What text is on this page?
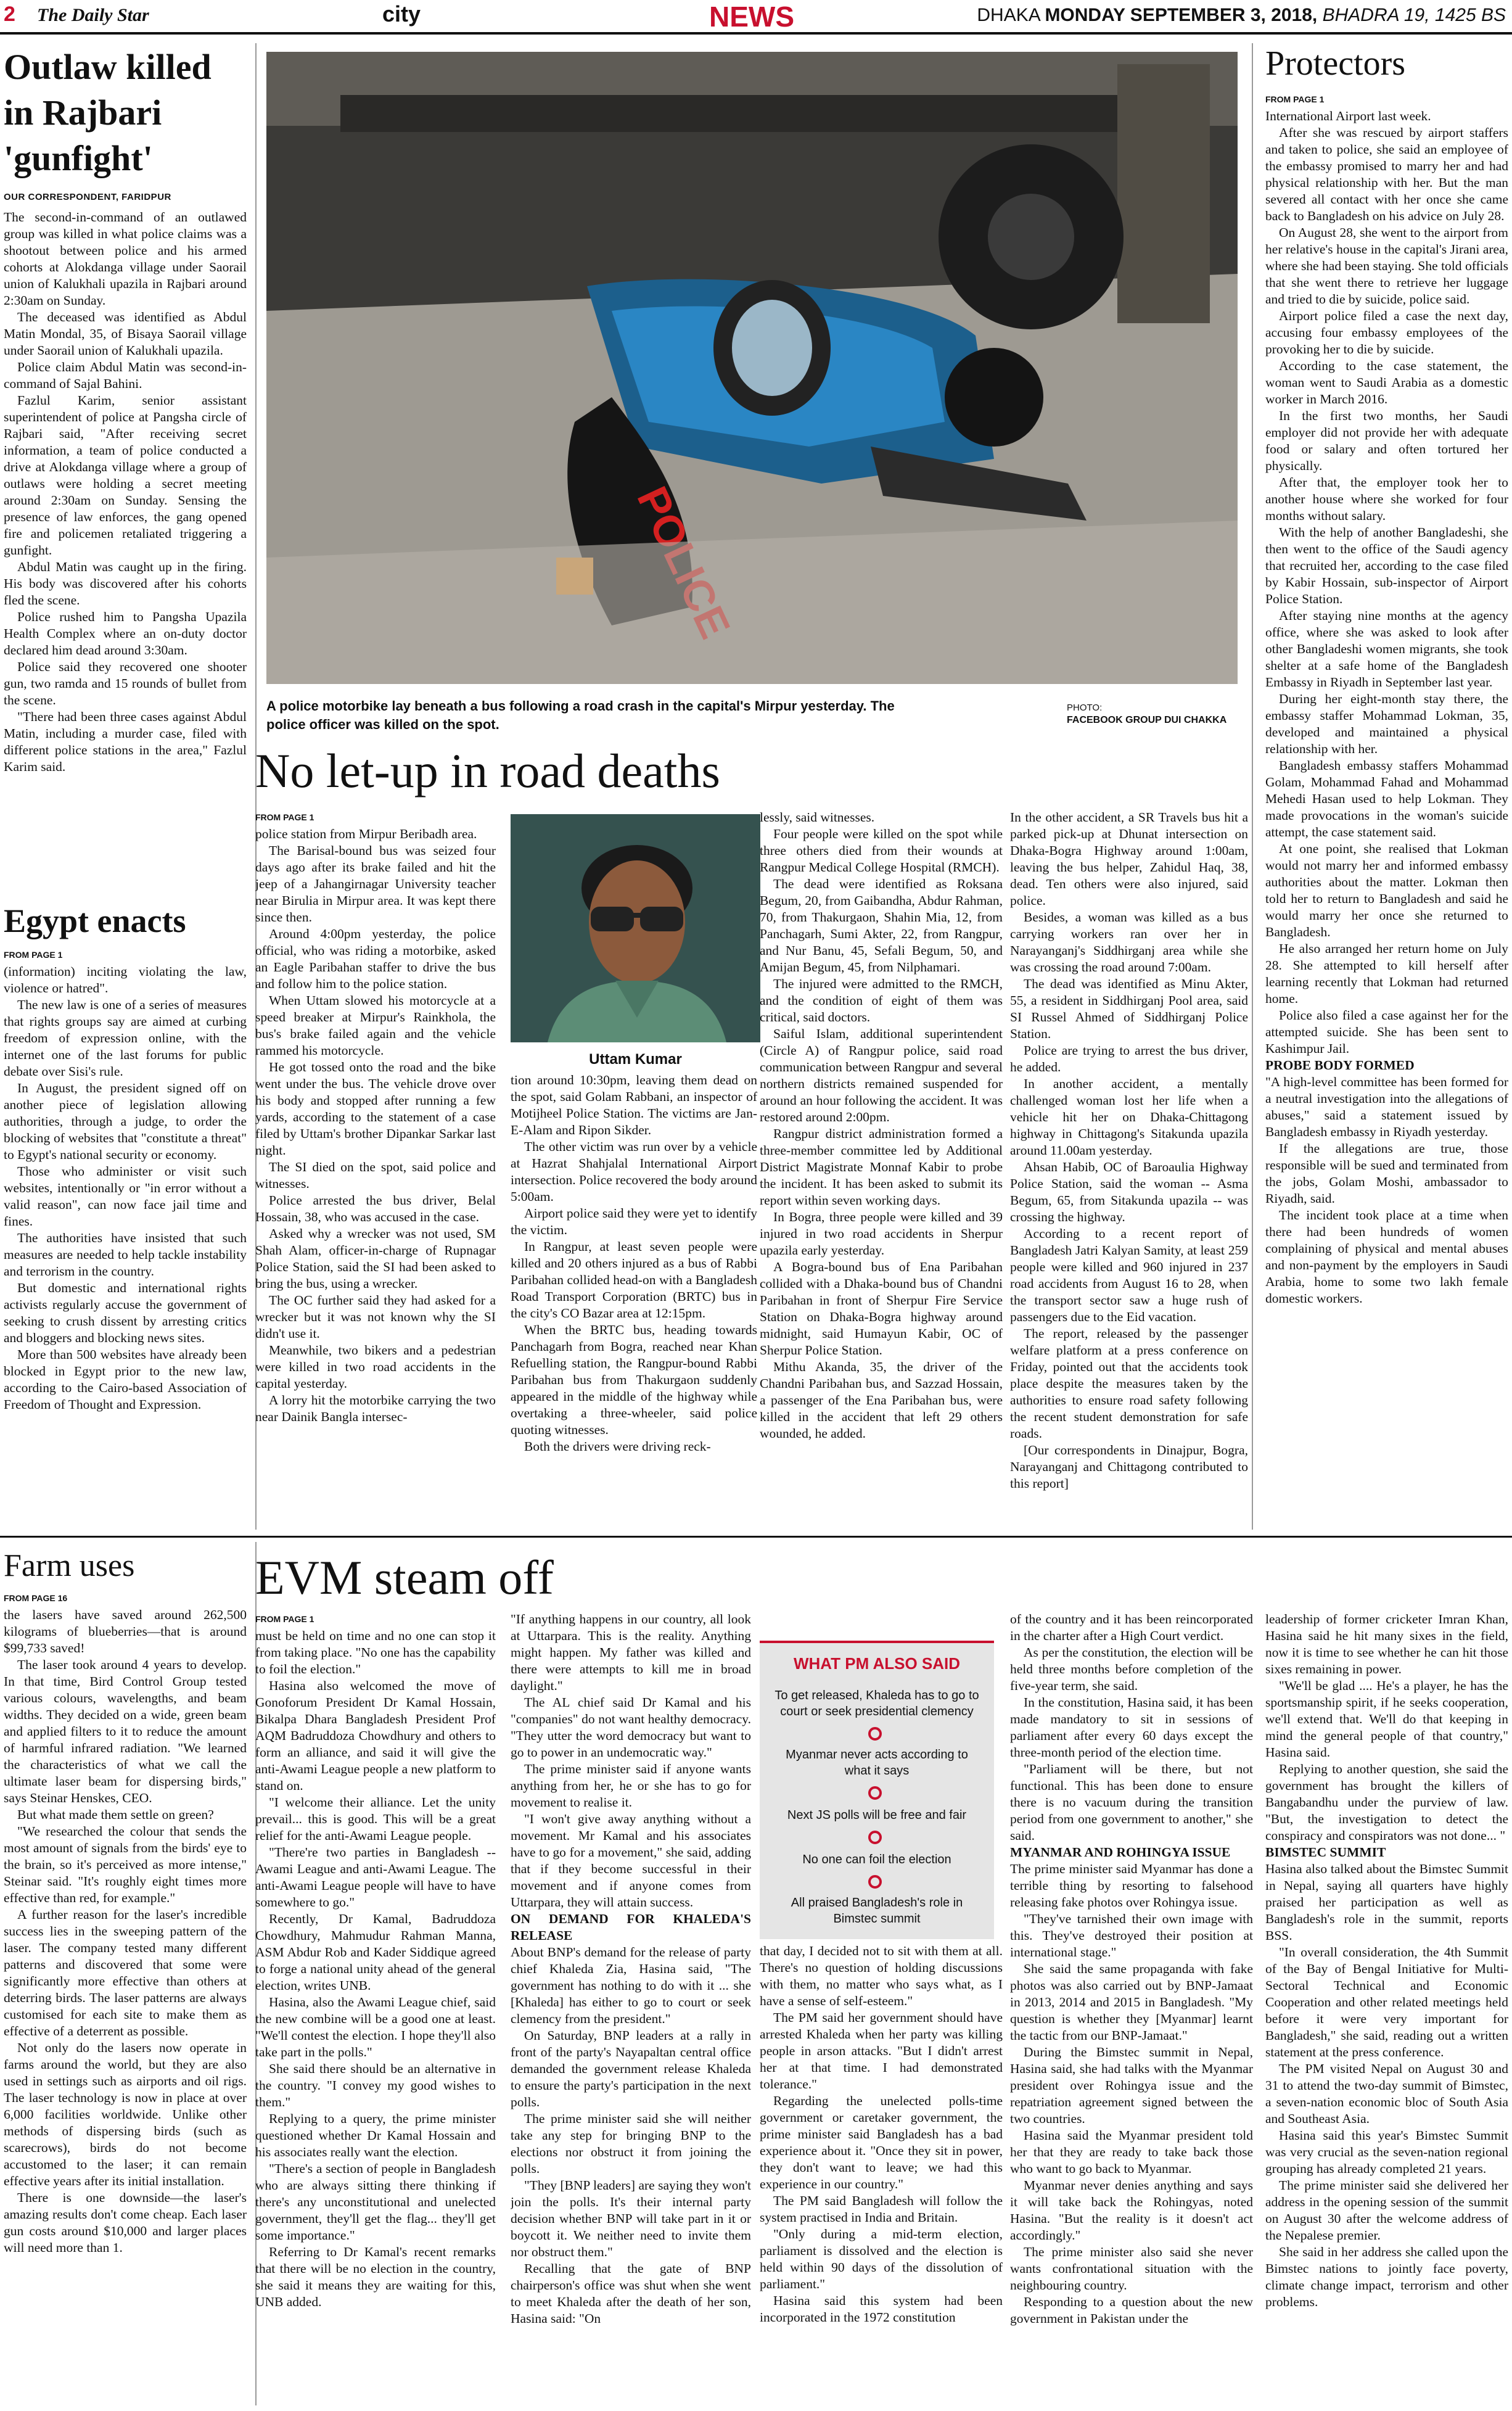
2 The Daily Star	city	NEWS	DHAKA MONDAY SEPTEMBER 3, 2018, BHADRA 19, 1425 BS
Outlaw killed in Rajbari 'gunfight'
OUR CORRESPONDENT, FARIDPUR

The second-in-command of an outlawed group was killed in what police claims was a shootout between police and his armed cohorts at Alokdanga village under Saorail union of Kalukhali upazila in Rajbari around 2:30am on Sunday.

The deceased was identified as Abdul Matin Mondal, 35, of Bisaya Saorail village under Saorail union of Kalukhali upazila.

Police claim Abdul Matin was second-in-command of Sajal Bahini.

Fazlul Karim, senior assistant superintendent of police at Pangsha circle of Rajbari said, "After receiving secret information, a team of police conducted a drive at Alokdanga village where a group of outlaws were holding a secret meeting around 2:30am on Sunday. Sensing the presence of law enforces, the gang opened fire and policemen retaliated triggering a gunfight.

Abdul Matin was caught up in the firing. His body was discovered after his cohorts fled the scene.

Police rushed him to Pangsha Upazila Health Complex where an on-duty doctor declared him dead around 3:30am.

Police said they recovered one shooter gun, two ramda and 15 rounds of bullet from the scene.

"There had been three cases against Abdul Matin, including a murder case, filed with different police stations in the area," Fazlul Karim said.

Egypt enacts

FROM PAGE 1

(information) inciting violating the law, violence or hatred".

The new law is one of a series of measures that rights groups say are aimed at curbing freedom of expression online, with the internet one of the last forums for public debate over Sisi's rule.

In August, the president signed off on another piece of legislation allowing authorities, through a judge, to order the blocking of websites that "constitute a threat" to Egypt's national security or economy.

Those who administer or visit such websites, intentionally or "in error without a valid reason", can now face jail time and fines.

The authorities have insisted that such measures are needed to help tackle instability and terrorism in the country.

But domestic and international rights activists regularly accuse the government of seeking to crush dissent by arresting critics and bloggers and blocking news sites.

More than 500 websites have already been blocked in Egypt prior to the new law, according to the Cairo-based Association of Freedom of Thought and Expression.

A police motorbike lay beneath a bus following a road crash in the capital's Mirpur yesterday. The police officer was killed on the spot.
PHOTO:
FACEBOOK GROUP DUI CHAKKA
No let-up in road deaths

FROM PAGE 1

police station from Mirpur Beribadh area.

The Barisal-bound bus was seized four days ago after its brake failed and hit the jeep of a Jahangirnagar University teacher near Birulia in Mirpur area. It was kept there since then.

Around 4:00pm yesterday, the police official, who was riding a motorbike, asked an Eagle Paribahan staffer to drive the bus and follow him to the police station.

When Uttam slowed his motorcycle at a speed breaker at Mirpur's Rainkhola, the bus's brake failed again and the vehicle rammed his motorcycle.

He got tossed onto the road and the bike went under the bus. The vehicle drove over his body and stopped after running a few yards, according to the statement of a case filed by Uttam's brother Dipankar Sarkar last night.

The SI died on the spot, said police and witnesses.

Police arrested the bus driver, Belal Hossain, 38, who was accused in the case.

Asked why a wrecker was not used, SM Shah Alam, officer-in-charge of Rupnagar Police Station, said the SI had been asked to bring the bus, using a wrecker.

The OC further said they had asked for a wrecker but it was not known why the SI didn't use it.

Meanwhile, two bikers and a pedestrian were killed in two road accidents in the capital yesterday.

A lorry hit the motorbike carrying the two near Dainik Bangla intersec-

Uttam Kumar

tion around 10:30pm, leaving them dead on the spot, said Golam Rabbani, an inspector of Motijheel Police Station. The victims are Jan-E-Alam and Ripon Sikder.

The other victim was run over by a vehicle at Hazrat Shahjalal International Airport intersection. Police recovered the body around 5:00am.

Airport police said they were yet to identify the victim.

In Rangpur, at least seven people were killed and 20 others injured as a bus of Rabbi Paribahan collided head-on with a Bangladesh Road Transport Corporation (BRTC) bus in the city's CO Bazar area at 12:15pm.

When the BRTC bus, heading towards Panchagarh from Bogra, reached near Khan Refuelling station, the Rangpur-bound Rabbi Paribahan bus from Thakurgaon suddenly appeared in the middle of the highway while overtaking a three-wheeler, said police quoting witnesses.

Both the drivers were driving reck-

lessly, said witnesses.

Four people were killed on the spot while three others died from their wounds at Rangpur Medical College Hospital (RMCH).

The dead were identified as Roksana Begum, 20, from Gaibandha, Abdur Rahman, 70, from Thakurgaon, Shahin Mia, 12, from Panchagarh, Sumi Akter, 22, from Rangpur, and Nur Banu, 45, Sefali Begum, 50, and Amijan Begum, 45, from Nilphamari.

The injured were admitted to the RMCH, and the condition of eight of them was critical, said doctors.

Saiful Islam, additional superintendent (Circle A) of Rangpur police, said road communication between Rangpur and several northern districts remained suspended for around an hour following the accident. It was restored around 2:00pm.

Rangpur district administration formed a three-member committee led by Additional District Magistrate Monnaf Kabir to probe the incident. It has been asked to submit its report within seven working days.

In Bogra, three people were killed and 39 injured in two road accidents in Sherpur upazila early yesterday.

A Bogra-bound bus of Ena Paribahan collided with a Dhaka-bound bus of Chandni Paribahan in front of Sherpur Fire Service Station on Dhaka-Bogra highway around midnight, said Humayun Kabir, OC of Sherpur Police Station.

Mithu Akanda, 35, the driver of the Chandni Paribahan bus, and Sazzad Hossain, a passenger of the Ena Paribahan bus, were killed in the accident that left 29 others wounded, he added.

In the other accident, a SR Travels bus hit a parked pick-up at Dhunat intersection on Dhaka-Bogra Highway around 1:00am, leaving the bus helper, Zahidul Haq, 38, dead. Ten others were also injured, said police.

Besides, a woman was killed as a bus carrying workers ran over her in Narayanganj's Siddhirganj area while she was crossing the road around 7:00am.

The dead was identified as Minu Akter, 55, a resident in Siddhirganj Pool area, said SI Russel Ahmed of Siddhirganj Police Station.

Police are trying to arrest the bus driver, he added.

In another accident, a mentally challenged woman lost her life when a vehicle hit her on Dhaka-Chittagong highway in Chittagong's Sitakunda upazila around 11.00am yesterday.

Ahsan Habib, OC of Baroaulia Highway Police Station, said the woman -- Asma Begum, 65, from Sitakunda upazila -- was crossing the highway.

According to a recent report of Bangladesh Jatri Kalyan Samity, at least 259 people were killed and 960 injured in 237 road accidents from August 16 to 28, when the transport sector saw a huge rush of passengers due to the Eid vacation.

The report, released by the passenger welfare platform at a press conference on Friday, pointed out that the accidents took place despite the measures taken by the authorities to ensure road safety following the recent student demonstration for safe roads.

[Our correspondents in Dinajpur, Bogra, Narayanganj and Chittagong contributed to this report]

Protectors

FROM PAGE 1

International Airport last week.

After she was rescued by airport staffers and taken to police, she said an employee of the embassy promised to marry her and had physical relationship with her. But the man severed all contact with her once she came back to Bangladesh on his advice on July 28.

On August 28, she went to the airport from her relative's house in the capital's Jirani area, where she had been staying. She told officials that she went there to retrieve her luggage and tried to die by suicide, police said.

Airport police filed a case the next day, accusing four embassy employees of the provoking her to die by suicide.

According to the case statement, the woman went to Saudi Arabia as a domestic worker in March 2016.

In the first two months, her Saudi employer did not provide her with adequate food or salary and often tortured her physically.

After that, the employer took her to another house where she worked for four months without salary.

With the help of another Bangladeshi, she then went to the office of the Saudi agency that recruited her, according to the case filed by Kabir Hossain, sub-inspector of Airport Police Station.

After staying nine months at the agency office, where she was asked to look after other Bangladeshi women migrants, she took shelter at a safe home of the Bangladesh Embassy in Riyadh in September last year.

During her eight-month stay there, the embassy staffer Mohammad Lokman, 35, developed and maintained a physical relationship with her.

Bangladesh embassy staffers Mohammad Golam, Mohammad Fahad and Mohammad Mehedi Hasan used to help Lokman. They made provocations in the woman's suicide attempt, the case statement said.

At one point, she realised that Lokman would not marry her and informed embassy authorities about the matter. Lokman then told her to return to Bangladesh and said he would marry her once she returned to Bangladesh.

He also arranged her return home on July 28. She attempted to kill herself after learning recently that Lokman had returned home.

Police also filed a case against her for the attempted suicide. She has been sent to Kashimpur Jail.

PROBE BODY FORMED

"A high-level committee has been formed for a neutral investigation into the allegations of abuses," said a statement issued by Bangladesh embassy in Riyadh yesterday.

If the allegations are true, those responsible will be sued and terminated from the jobs, Golam Moshi, ambassador to Riyadh, said.

The incident took place at a time when there had been hundreds of women complaining of physical and mental abuses and non-payment by the employers in Saudi Arabia, home to some two lakh female domestic workers.

Farm uses

FROM PAGE 16

the lasers have saved around 262,500 kilograms of blueberries—that is around $99,733 saved!

The laser took around 4 years to develop. In that time, Bird Control Group tested various colours, wavelengths, and beam widths. They decided on a wide, green beam and applied filters to it to reduce the amount of harmful infrared radiation. "We learned the characteristics of what we call the ultimate laser beam for dispersing birds," says Steinar Henskes, CEO.

But what made them settle on green?

"We researched the colour that sends the most amount of signals from the birds' eye to the brain, so it's perceived as more intense," Steinar said. "It's roughly eight times more effective than red, for example."

A further reason for the laser's incredible success lies in the sweeping pattern of the laser. The company tested many different patterns and discovered that some were significantly more effective than others at deterring birds. The laser patterns are always customised for each site to make them as effective of a deterrent as possible.

Not only do the lasers now operate in farms around the world, but they are also used in settings such as airports and oil rigs. The laser technology is now in place at over 6,000 facilities worldwide. Unlike other methods of dispersing birds (such as scarecrows), birds do not become accustomed to the laser; it can remain effective years after its initial installation.

There is one downside—the laser's amazing results don't come cheap. Each laser gun costs around $10,000 and larger places will need more than 1.

EVM steam off

FROM PAGE 1

must be held on time and no one can stop it from taking place. "No one has the capability to foil the election."

Hasina also welcomed the move of Gonoforum President Dr Kamal Hossain, Bikalpa Dhara Bangladesh President Prof AQM Badruddoza Chowdhury and others to form an alliance, and said it will give the anti-Awami League people a new platform to stand on.

"I welcome their alliance. Let the unity prevail... this is good. This will be a great relief for the anti-Awami League people.

"There're two parties in Bangladesh -- Awami League and anti-Awami League. The anti-Awami League people will have to have somewhere to go."

Recently, Dr Kamal, Badruddoza Chowdhury, Mahmudur Rahman Manna, ASM Abdur Rob and Kader Siddique agreed to forge a national unity ahead of the general election, writes UNB.

Hasina, also the Awami League chief, said the new combine will be a good one at least. "We'll contest the election. I hope they'll also take part in the polls."

She said there should be an alternative in the country. "I convey my good wishes to them."

Replying to a query, the prime minister questioned whether Dr Kamal Hossain and his associates really want the election.

"There's a section of people in Bangladesh who are always sitting there thinking if there's any unconstitutional and unelected government, they'll get the flag... they'll get some importance."

Referring to Dr Kamal's recent remarks that there will be no election in the country, she said it means they are waiting for this, UNB added.

"If anything happens in our country, all look at Uttarpara. This is the reality. Anything might happen. My father was killed and there were attempts to kill me in broad daylight."

The AL chief said Dr Kamal and his "companies" do not want healthy democracy. "They utter the word democracy but want to go to power in an undemocratic way."

The prime minister said if anyone wants anything from her, he or she has to go for movement to realise it.

"I won't give away anything without a movement. Mr Kamal and his associates have to go for a movement," she said, adding that if they become successful in their movement and if anyone comes from Uttarpara, they will attain success.

ON DEMAND FOR KHALEDA'S RELEASE

About BNP's demand for the release of party chief Khaleda Zia, Hasina said, "The government has nothing to do with it ... she [Khaleda] has either to go to court or seek clemency from the president."

On Saturday, BNP leaders at a rally in front of the party's Nayapaltan central office demanded the government release Khaleda to ensure the party's participation in the next polls.

The prime minister said she will neither take any step for bringing BNP to the elections nor obstruct it from joining the polls.

"They [BNP leaders] are saying they won't join the polls. It's their internal party decision whether BNP will take part in it or boycott it. We neither need to invite them nor obstruct them."

Recalling that the gate of BNP chairperson's office was shut when she went to meet Khaleda after the death of her son, Hasina said: "On

WHAT PM ALSO SAID
To get released, Khaleda has to go to court or seek presidential clemency
Myanmar never acts according to what it says
Next JS polls will be free and fair
No one can foil the election
All praised Bangladesh's role in Bimstec summit

that day, I decided not to sit with them at all. There's no question of holding discussions with them, no matter who says what, as I have a sense of self-esteem."

The PM said her government should have arrested Khaleda when her party was killing people in arson attacks. "But I didn't arrest her at that time. I had demonstrated tolerance."

Regarding the unelected polls-time government or caretaker government, the prime minister said Bangladesh has a bad experience about it. "Once they sit in power, they don't want to leave; we had this experience in our country."

The PM said Bangladesh will follow the system practised in India and Britain.

"Only during a mid-term election, parliament is dissolved and the election is held within 90 days of the dissolution of parliament."

Hasina said this system had been incorporated in the 1972 constitution

of the country and it has been reincorporated in the charter after a High Court verdict.

As per the constitution, the election will be held three months before completion of the five-year term, she said.

In the constitution, Hasina said, it has been made mandatory to sit in sessions of parliament after every 60 days except the three-month period of the election time.

"Parliament will be there, but not functional. This has been done to ensure there is no vacuum during the transition period from one government to another," she said.

MYANMAR AND ROHINGYA ISSUE

The prime minister said Myanmar has done a terrible thing by resorting to falsehood releasing fake photos over Rohingya issue.

"They've tarnished their own image with this. They've destroyed their position at international stage."

She said the same propaganda with fake photos was also carried out by BNP-Jamaat in 2013, 2014 and 2015 in Bangladesh. "My question is whether they [Myanmar] learnt the tactic from our BNP-Jamaat."

During the Bimstec summit in Nepal, Hasina said, she had talks with the Myanmar president over Rohingya issue and the repatriation agreement signed between the two countries.

Hasina said the Myanmar president told her that they are ready to take back those who want to go back to Myanmar.

Myanmar never denies anything and says it will take back the Rohingyas, noted Hasina. "But the reality is it doesn't act accordingly."

The prime minister also said she never wants confrontational situation with the neighbouring country.

Responding to a question about the new government in Pakistan under the

leadership of former cricketer Imran Khan, Hasina said he hit many sixes in the field, now it is time to see whether he can hit those sixes remaining in power.

"We'll be glad .... He's a player, he has the sportsmanship spirit, if he seeks cooperation, we'll extend that. We'll do that keeping in mind the general people of that country," Hasina said.

Replying to another question, she said the government has brought the killers of Bangabandhu under the purview of law. "But, the investigation to detect the conspiracy and conspirators was not done... "

BIMSTEC SUMMIT

Hasina also talked about the Bimstec Summit in Nepal, saying all quarters have highly praised her participation as well as Bangladesh's role in the summit, reports BSS.

"In overall consideration, the 4th Summit of the Bay of Bengal Initiative for Multi-Sectoral Technical and Economic Cooperation and other related meetings held before it were very important for Bangladesh," she said, reading out a written statement at the press conference.

The PM visited Nepal on August 30 and 31 to attend the two-day summit of Bimstec, a seven-nation economic bloc of South Asia and Southeast Asia.

Hasina said this year's Bimstec Summit was very crucial as the seven-nation regional grouping has already completed 21 years.

The prime minister said she delivered her address in the opening session of the summit on August 30 after the welcome address of the Nepalese premier.

She said in her address she called upon the Bimstec nations to jointly face poverty, climate change impact, terrorism and other problems.
